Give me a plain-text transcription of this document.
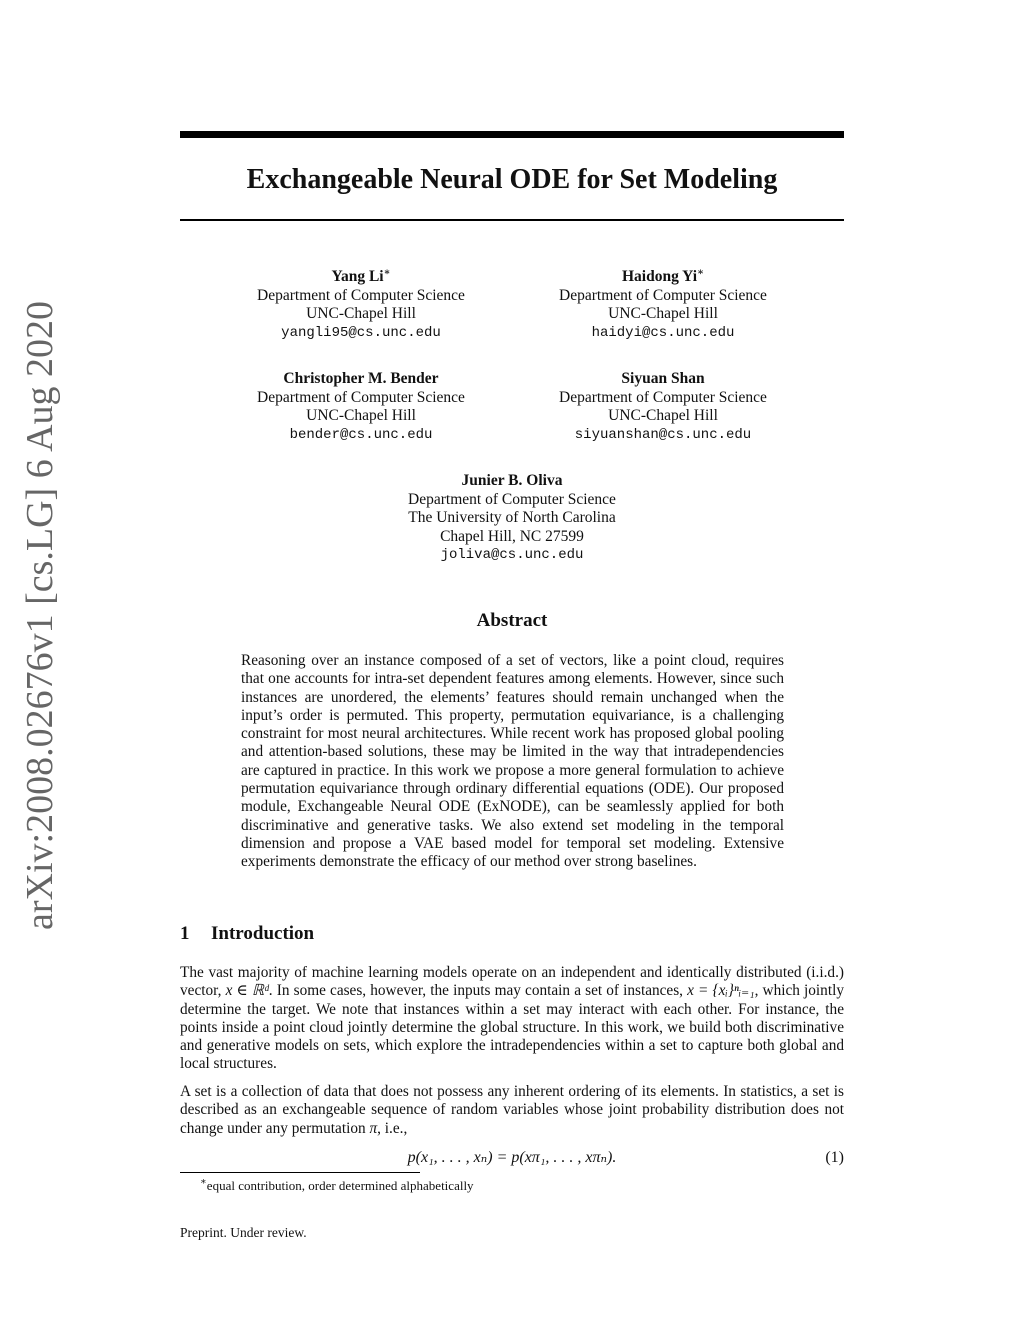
arXiv:2008.02676v1 [cs.LG] 6 Aug 2020
Exchangeable Neural ODE for Set Modeling
Yang Li∗
Department of Computer Science
UNC-Chapel Hill
yangli95@cs.unc.edu
Haidong Yi∗
Department of Computer Science
UNC-Chapel Hill
haidyi@cs.unc.edu
Christopher M. Bender
Department of Computer Science
UNC-Chapel Hill
bender@cs.unc.edu
Siyuan Shan
Department of Computer Science
UNC-Chapel Hill
siyuanshan@cs.unc.edu
Junier B. Oliva
Department of Computer Science
The University of North Carolina
Chapel Hill, NC 27599
joliva@cs.unc.edu
Abstract
Reasoning over an instance composed of a set of vectors, like a point cloud, requires that one accounts for intra-set dependent features among elements. However, since such instances are unordered, the elements’ features should remain unchanged when the input’s order is permuted. This property, permutation equivariance, is a challenging constraint for most neural architectures. While recent work has proposed global pooling and attention-based solutions, these may be limited in the way that intradependencies are captured in practice. In this work we propose a more general formulation to achieve permutation equivariance through ordinary differential equations (ODE). Our proposed module, Exchangeable Neural ODE (ExNODE), can be seamlessly applied for both discriminative and generative tasks. We also extend set modeling in the temporal dimension and propose a VAE based model for temporal set modeling. Extensive experiments demonstrate the efficacy of our method over strong baselines.
1 Introduction
The vast majority of machine learning models operate on an independent and identically distributed (i.i.d.) vector, x ∈ ℝᵈ. In some cases, however, the inputs may contain a set of instances, x = {xᵢ}ⁿᵢ₌₁, which jointly determine the target. We note that instances within a set may interact with each other. For instance, the points inside a point cloud jointly determine the global structure. In this work, we build both discriminative and generative models on sets, which explore the intradependencies within a set to capture both global and local structures.
A set is a collection of data that does not possess any inherent ordering of its elements. In statistics, a set is described as an exchangeable sequence of random variables whose joint probability distribution does not change under any permutation π, i.e.,
p(x₁, . . . , xₙ) = p(xπ₁, . . . , xπₙ).	(1)
∗equal contribution, order determined alphabetically
Preprint. Under review.
